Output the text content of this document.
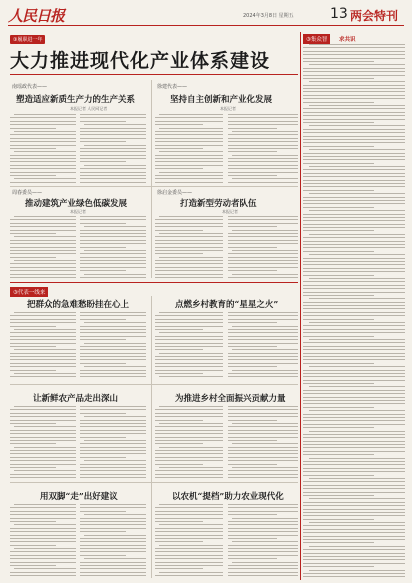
人民日报	2024年3月8日 星期五	13 两会特刊
③履职进一年
大力推进现代化产业体系建设
南瑶政代表——
塑造适应新质生产力的生产关系
本报记者 人民网记者
徐建代表——
坚持自主创新和产业化发展
本报记者
周春委员——
推动建筑产业绿色低碳发展
本报记者
徐启金委员——
打造新型劳动者队伍
本报记者
③集众智	求共识
③代表一线来
把群众的急难愁盼挂在心上	点燃乡村教育的“星星之火”
让新鲜农产品走出深山	为推进乡村全面振兴贡献力量
用双脚“走”出好建议	以农机“提档”助力农业现代化
